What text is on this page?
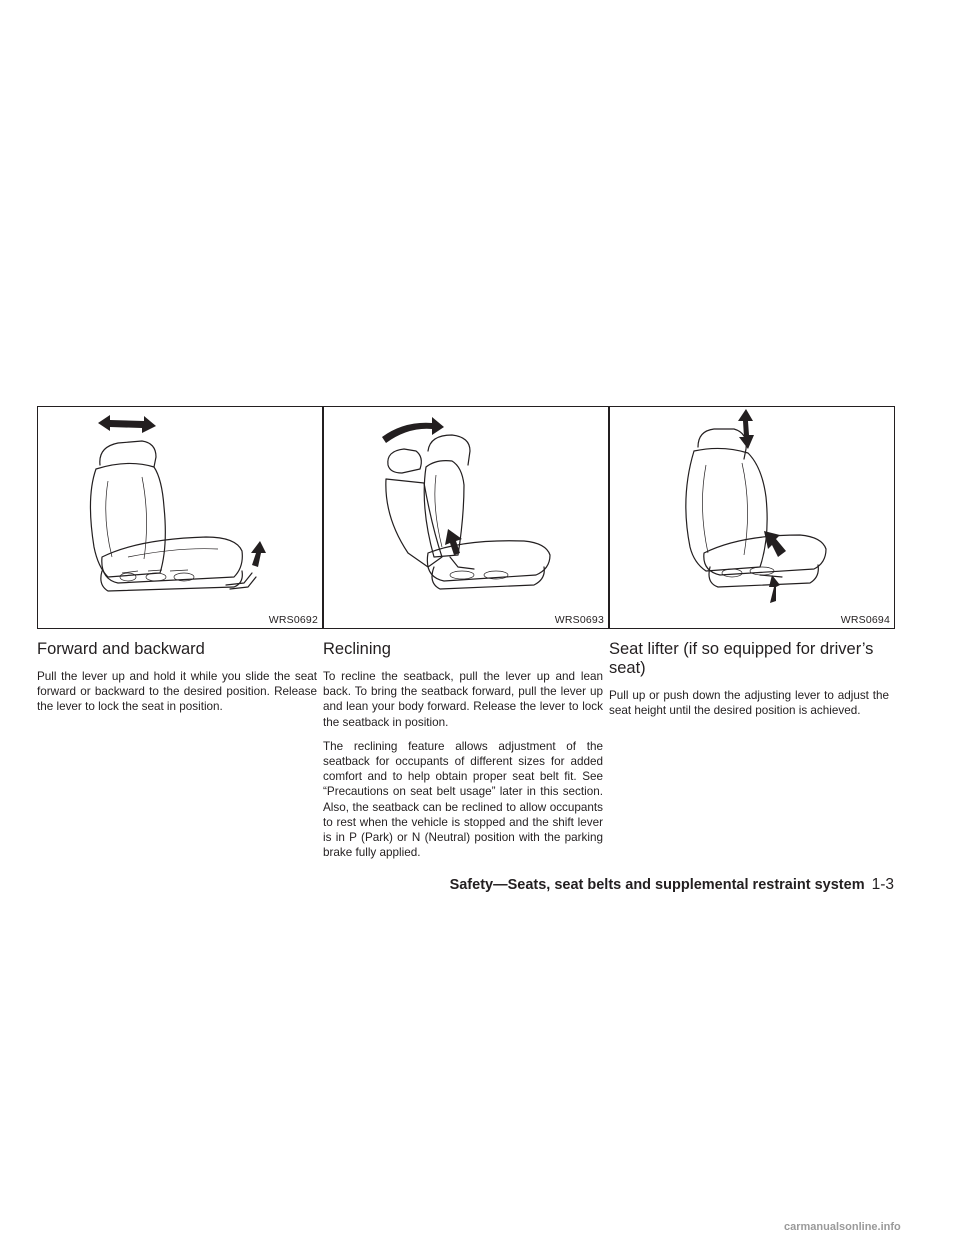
WRS0692
Forward and backward

Pull the lever up and hold it while you slide the seat forward or backward to the desired position. Release the lever to lock the seat in position.

WRS0693
Reclining

To recline the seatback, pull the lever up and lean back. To bring the seatback forward, pull the lever up and lean your body forward. Release the lever to lock the seatback in position.

The reclining feature allows adjustment of the seatback for occupants of different sizes for added comfort and to help obtain proper seat belt fit. See “Precautions on seat belt usage” later in this section. Also, the seatback can be reclined to allow occupants to rest when the vehicle is stopped and the shift lever is in P (Park) or N (Neutral) position with the parking brake fully applied.

WRS0694
Seat lifter (if so equipped for driver’s seat)

Pull up or push down the adjusting lever to adjust the seat height until the desired position is achieved.

Safety—Seats, seat belts and supplemental restraint system 1-3
carmanualsonline.info
